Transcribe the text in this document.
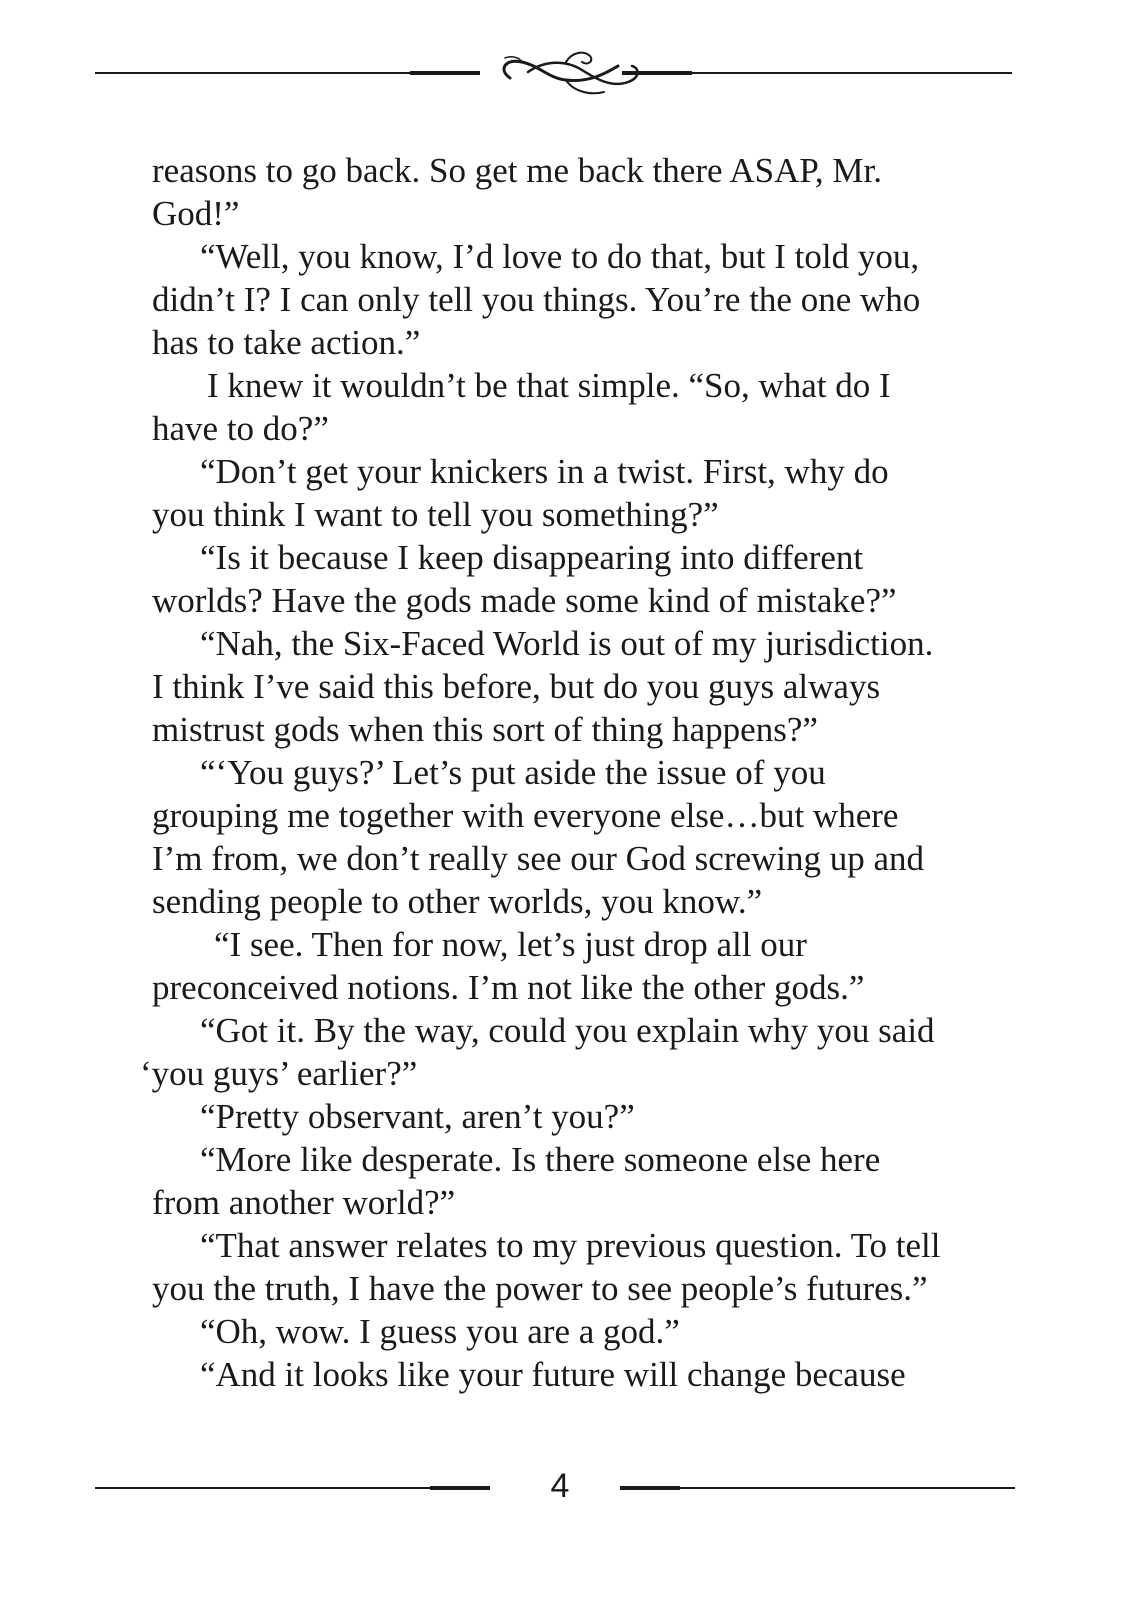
reasons to go back. So get me back there ASAP, Mr.
God!”
“Well, you know, I’d love to do that, but I told you,
didn’t I? I can only tell you things. You’re the one who
has to take action.”
I knew it wouldn’t be that simple. “So, what do I
have to do?”
“Don’t get your knickers in a twist. First, why do
you think I want to tell you something?”
“Is it because I keep disappearing into different
worlds? Have the gods made some kind of mistake?”
“Nah, the Six-Faced World is out of my jurisdiction.
I think I’ve said this before, but do you guys always
mistrust gods when this sort of thing happens?”
“‘You guys?’ Let’s put aside the issue of you
grouping me together with everyone else…but where
I’m from, we don’t really see our God screwing up and
sending people to other worlds, you know.”
“I see. Then for now, let’s just drop all our
preconceived notions. I’m not like the other gods.”
“Got it. By the way, could you explain why you said
‘you guys’ earlier?”
“Pretty observant, aren’t you?”
“More like desperate. Is there someone else here
from another world?”
“That answer relates to my previous question. To tell
you the truth, I have the power to see people’s futures.”
“Oh, wow. I guess you are a god.”
“And it looks like your future will change because
4
